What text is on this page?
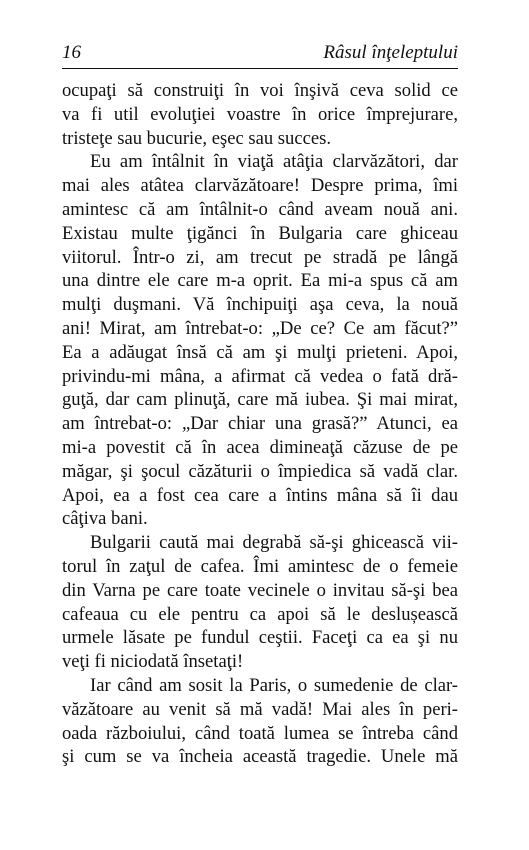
16	Râsul înţeleptului
ocupaţi să construiţi în voi înşivă ceva solid ce
va fi util evoluţiei voastre în orice împrejurare,
tristeţe sau bucurie, eşec sau succes.
Eu am întâlnit în viaţă atâţia clarvăzători, dar
mai ales atâtea clarvăzătoare! Despre prima, îmi
amintesc că am întâlnit-o când aveam nouă ani.
Existau multe ţigănci în Bulgaria care ghiceau
viitorul. Într-o zi, am trecut pe stradă pe lângă
una dintre ele care m-a oprit. Ea mi-a spus că am
mulţi duşmani. Vă închipuiţi aşa ceva, la nouă
ani! Mirat, am întrebat-o: „De ce? Ce am făcut?”
Ea a adăugat însă că am şi mulţi prieteni. Apoi,
privindu-mi mâna, a afirmat că vedea o fată dră-
guţă, dar cam plinuţă, care mă iubea. Şi mai mirat,
am întrebat-o: „Dar chiar una grasă?” Atunci, ea
mi-a povestit că în acea dimineaţă căzuse de pe
măgar, şi şocul căzăturii o împiedica să vadă clar.
Apoi, ea a fost cea care a întins mâna să îi dau
câţiva bani.
Bulgarii caută mai degrabă să-şi ghicească vii-
torul în zaţul de cafea. Îmi amintesc de o femeie
din Varna pe care toate vecinele o invitau să-şi bea
cafeaua cu ele pentru ca apoi să le deslușească
urmele lăsate pe fundul ceştii. Faceţi ca ea şi nu
veţi fi niciodată însetaţi!
Iar când am sosit la Paris, o sumedenie de clar-
văzătoare au venit să mă vadă! Mai ales în peri-
oada războiului, când toată lumea se întreba când
şi cum se va încheia această tragedie. Unele mă
